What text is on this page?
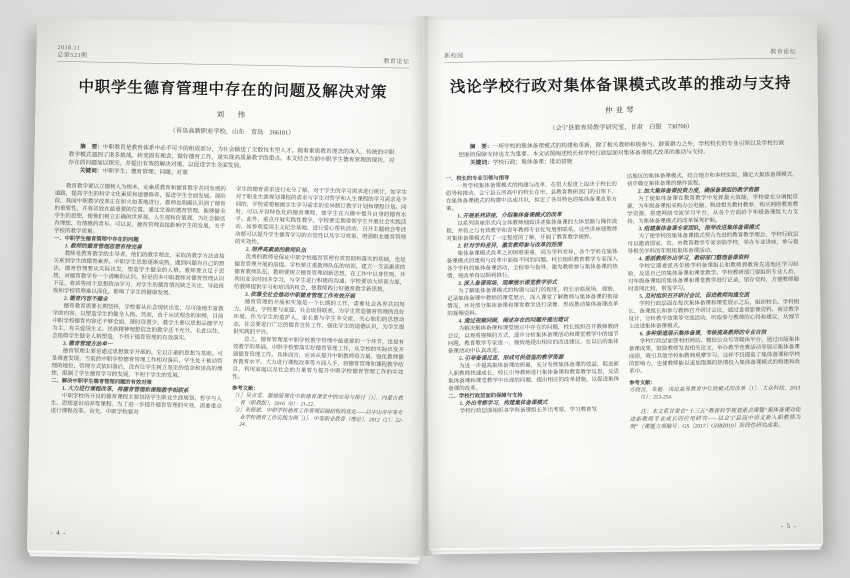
2018.11
总第523期
教育论坛
中职学生德育管理中存在的问题及解决对策
刘　伟
（青岛高新职业学校，山东　青岛　266101）
摘　要：中职教育是教育体系中必不可少的组成部分，为社会输送了无数技术型人才。随着素质教育理念的深入，传统的中职教学模式遇到了诸多挑战。转变固有理念，做好德育工作，是实现高质量教学的重点。本文结合当前中职学生德育管理的现状，对存在的问题加以探究，并提出有效的解决对策，以促进学生全面发展。
关键词：中职学生；德育管理；问题；对策

教育教学要以立德树人为根本，走素质教育和德育教学共同发展的道路，提高学生的科学文化素质和道德修养，促进学生全面发展。现阶段，我国中职教学改革正在如火如荼地进行，教师也明确认识到了德育的重要性，并将其放在最重要的位置。通过完善的德育管理，能够健全学生的思想，使他们树立正确的世界观、人生观和价值观，为社会输送有理想、有情感的青年。可以说，德育管理直接影响学生的发展，关乎学校的教学质量。

一、中职学生德育管理中存在的问题

1. 教师的德育管理思想有待完善

教师是教育教学的主导者，他们的教学理念、采取的教学方法直接关系到学生的德育素养。中职学生思想逐渐成熟，遇到问题有自己的想法，德育管理要从实际出发，塑造学生健全的人格。教师要立足于思想，对德育教学有一个清晰的认识。但是很多中职教师对德育管理认识不足，将其等同于思想政治学习，对学生的德育情况缺乏关注，导致班级和学校管理难以深化，影响了学生的健康发展。

2. 德育内容不健全

德育教育需要长期坚持，学校要从社会现状出发，尽可能地丰富教学的内容，以塑造学生的健全人格。然而，由于应试理念的束缚，目前中职学校德育内容还不够全面，课时设置少，教学主要以思想品德学习为主，有关爱国主义、民族精神理想信念的教学还不充分。长此以往，会阻碍学生健全人格塑造，不利于德育管理的有效落实。

3. 德育管理方法单一

德育管理主要是通过思想教学开展的，它以正确的思想为基础。可是调查发现，当前的中职学校德育管理工作相对落后，学生处于被动管理的地位，管理方式依旧落后，没有让学生树立坚定的信念和崇高的理想，限制了学生德育学习的发展，不利于学生的发展。

二、解决中职学生德育管理问题的有效对策

1. 大力进行课程改革，将德育管理和课程教学相联系

中职学校所开设的德育课程主要包括学生职业生涯规划、哲学与人生、思想意识培养等课程。为了进一步提升德育管理的实效，需要重点进行课程改革。首先，中职学校要对

学生的德育需求进行充分了解，对于学生的学习需求进行统计，如学生对于职业生涯规划课程的需求与学生对哲学和人生课程的学习需求是不同的，学校需要根据学生学习需求的差异制订教学计划和课程计划。同时，可以开设特色化的德育课程，使学生在兴趣中提升自身的德育水平。此外，重点开展实践性教学。学校要定期带领学生开展社会实践活动，如参观爱国主义纪念基地、进行爱心帮扶活动、召开主题班会等活动都可以提升学生德育学习的自觉性以及学习效果，增强职业德育管理的实效性。

2. 培养高素质的教师队伍

优秀的教师是保证中职学校德育管理有效贯彻和落实的基础，也是德育管理开展的前提。学校要注重教师队伍的培训，建立一支高素质的德育教师队伍。教师要树立德育管理创新思想，在工作中以身作则，并利用业余时间多学习，与学生进行积极的沟通；学校要加大培训力度，给教师提供学习和培训的机会，使教师践行好德育教学新思想。

3. 依靠全社会推动中职德育管理工作有效开展

德育管理的开展和实施是一个长期的工作，需要社会各界共同努力。因此，学校要与家庭、社会取得联系，为学生营造德育管理的良好环境。作为学生的监护人，家长要与学生多交流，关心他们的思想动态，社会要进行广泛的德育宣传工作，强化学生的道德认识，为学生提供实践的平台。

总之，德育管理是中职学校教学管理中最重要的一个环节，也是有效教学的基础。中职学校要落实好德育管理工作，从学校的实际出发开展德育管理工作。具体而言，应该从提升中职教师资力量、强化教师德育教育水平、大力进行课程改革等方面入手，将德育管理和课程教学结合，利用家庭以及社会的力量着力提升中职学校德育管理工作的实效性。

参考文献：

［1］吴言堂．激励原理在中职德育课堂中的应用与探讨［J］．内蒙古教育（职教版），2016（8）：21-22．

［2］朱振斌．中职学校德育工作管理层级结构的优化——以中山市中等专业学校德育工作实践为例［J］．中等职业教育（理论），2012（2）：22-24．

- 4 -
新校园
教育论坛
浅论学校行政对集体备课模式改革的推动与支持
仲亚琴
（会宁县教育局教学研究室，甘肃　白银　730700）
摘　要：一所学校的集体备课模式的构建和革新，除了相关教师积极参与、群策群力之外，学校校长的专业引领以及学校行政层面的保障支持也尤为重要。本文试图阐述校长和学校行政层面对集体备课模式改革的推动与支持。
关键词：学校行政；集体备课；推动措施

一、校长的专业引领与指导

一所学校集体备课模式的构建与改革，在很大程度上取决于校长的倡导和推动。会宁县五所高中的校长在市、县教育教研部门的引领下，在集体备课模式的构建中达成共识，拟定了各具特色的集体备课改革方案。

1. 开展系列讲座，介绍集体备课模式的改革

以系列讲座形式向全体教师细致讲述集体备课的大体思路与操作流程，并将之与有效教学和青年教师专业化发展相联系。这些讲座使教师对集体备课模式有了一定程度的了解，开阔了教育教学视野。

2. 针对学科差异，激发教师参与改革的热情

集体备课模式改革之初困难重重，因为学科差异，各个学科在集体备课模式的建构与改革中面临不同的问题。校长组织教育教学专家深入各个学科的集体备课活动，全程参与指导，激发教师参与集体备课的热情，使改革得以顺利推行。

3. 深入备课现场，观摩展示课堂教学形式

为了解集体备课模式的构建与运行的程度，校长亲临现场，观察、记录集体备课中教师的课堂展示，深入课堂了解教师与集体备课的衔接情况，并对部分集体备课和课堂教学进行录像，形成推动集体备课改革的视频资料。

4. 通过视频回顾，阐述存在的问题并提出建议

为解决集体备课和课堂展示中存在的问题，校长组织召开教师教研会议，以观看视频的方式，逐步分析集体备课活动和课堂教学中的细节问题。教育教学专家逐一、细致地提出相应的改进建议，在以后的集体备课活动中认真改进。

5. 引导备课反思，形成可供借鉴的教学资源

为进一步提高集体备课的质量，充分发挥集体备课的效益，促进新入职教师快速成长，校长引导教师进行集体备课和教育教学反思，反思集体备课和课堂教学中出现的问题，提出相应的改革措施，以促进集体备课的改革。

二、学校行政层面的保障与支持

1. 外出考察学习，构建集体备课模式

学校行政层面组织各学科备课组长外出考察，学习教育发

达地区的集体备课模式，结合地方和本校实际，确定大集体备课模式，初步确定集体备课的操作流程。

2. 加大集体备课投资力度，确保备课组的教学资源

为了使集体备课在教育教学中发挥最大效能，学校要充分调配资源，为年级备课组采购办公电脑，购进相关教材教参，购买网络教育教学资源，搭建网络交流学习平台，从各个方面给予年级备课组大力支持，为集体备课模式的改革保驾护航。

3. 组建集体备课专家团队，指导改进集体备课模式

为了使学校的集体备课模式契合先进的教育教学理念，学校行政层可以邀请国家、省、市教育教学专家亲临学校，举办专业讲座，参与指导相关学科的年级组集体备课活动。

4. 委派教师外出学习，教研部门整理备课资料

学校定期委派各年级学科备课组长和教师到教育先进地区学习经验，反思自己的集体备课和课堂教学。学校教研部门要组织专业人员，对年级备课组的集体备课和课堂教学进行记录，留存资料，方便教师随时查阅比较，借鉴学习。

5. 及时组织召开研讨会议，促进教师沟通交流

学校行政层面在每次集体备课和课堂展示之后，组织校长、学科组长、备课组长和参与教师召开研讨会议，通过查看影像资料，商讨教学设计，分析教学效果等交流活动，听取参与教师的心得和建议，从细节上改进集体备课模式。

6. 多种渠道展示集体备课，考核提高教师的专业自信

学校行政层面要利用网站、微信公众号等媒体平台，通过出版集体备课成果，鼓励教师发表相关论文，举办教学竞赛活动等展示集体备课成绩，吸引其他学校和教师观摩学习。这样不仅提高了集体备课和学校的影响力，也使教师能以更加饱满的热情投入集体备课模式的构建和改革中。

参考文献：

方晓岳，朱魁．浅论高等教育中行政模式的改革［J］．大众科技，2013（5）：253-254．

注：本文系甘肃省“十三五”教育科学规划重点课题“集体备课对促进新教师专业成长的应用研究——以会宁县高中语文新入职教师为例”（课题立项编号：GS［2017］GHBZ010）阶段性研究成果。

- 5 -
